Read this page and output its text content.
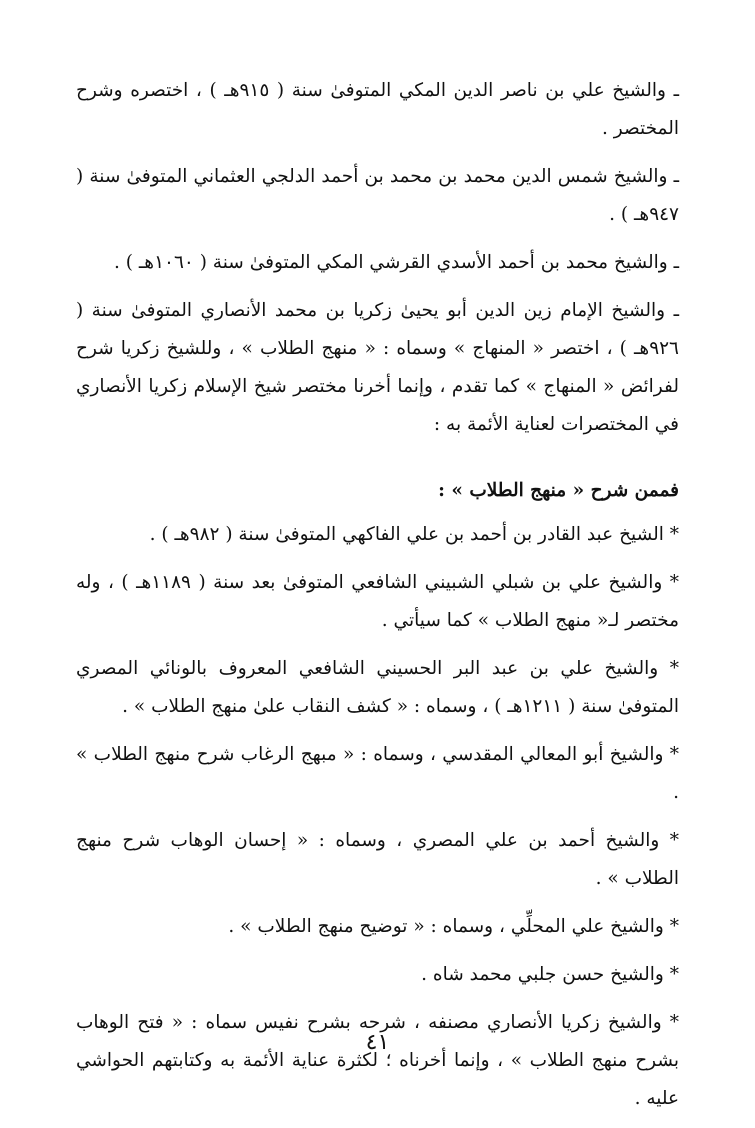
ـ والشيخ علي بن ناصر الدين المكي المتوفىٰ سنة ( ٩١٥هـ ) ، اختصره وشرح المختصر .

ـ والشيخ شمس الدين محمد بن محمد بن أحمد الدلجي العثماني المتوفىٰ سنة ( ٩٤٧هـ ) .

ـ والشيخ محمد بن أحمد الأسدي القرشي المكي المتوفىٰ سنة ( ١٠٦٠هـ ) .

ـ والشيخ الإمام زين الدين أبو يحيىٰ زكريا بن محمد الأنصاري المتوفىٰ سنة ( ٩٢٦هـ ) ، اختصر « المنهاج » وسماه : « منهج الطلاب » ، وللشيخ زكريا شرح لفرائض « المنهاج » كما تقدم ، وإنما أخرنا مختصر شيخ الإسلام زكريا الأنصاري في المختصرات لعناية الأئمة به :

فممن شرح « منهج الطلاب » :

* الشيخ عبد القادر بن أحمد بن علي الفاكهي المتوفىٰ سنة ( ٩٨٢هـ ) .

* والشيخ علي بن شبلي الشبيني الشافعي المتوفىٰ بعد سنة ( ١١٨٩هـ ) ، وله مختصر لـ« منهج الطلاب » كما سيأتي .

* والشيخ علي بن عبد البر الحسيني الشافعي المعروف بالونائي المصري المتوفىٰ سنة ( ١٢١١هـ ) ، وسماه : « كشف النقاب علىٰ منهج الطلاب » .

* والشيخ أبو المعالي المقدسي ، وسماه : « مبهج الرغاب شرح منهج الطلاب » .

* والشيخ أحمد بن علي المصري ، وسماه : « إحسان الوهاب شرح منهج الطلاب » .

* والشيخ علي المحلِّي ، وسماه : « توضيح منهج الطلاب » .

* والشيخ حسن جلبي محمد شاه .

* والشيخ زكريا الأنصاري مصنفه ، شرحه بشرح نفيس سماه : « فتح الوهاب بشرح منهج الطلاب » ، وإنما أخرناه ؛ لكثرة عناية الأئمة به وكتابتهم الحواشي عليه .

٤١
